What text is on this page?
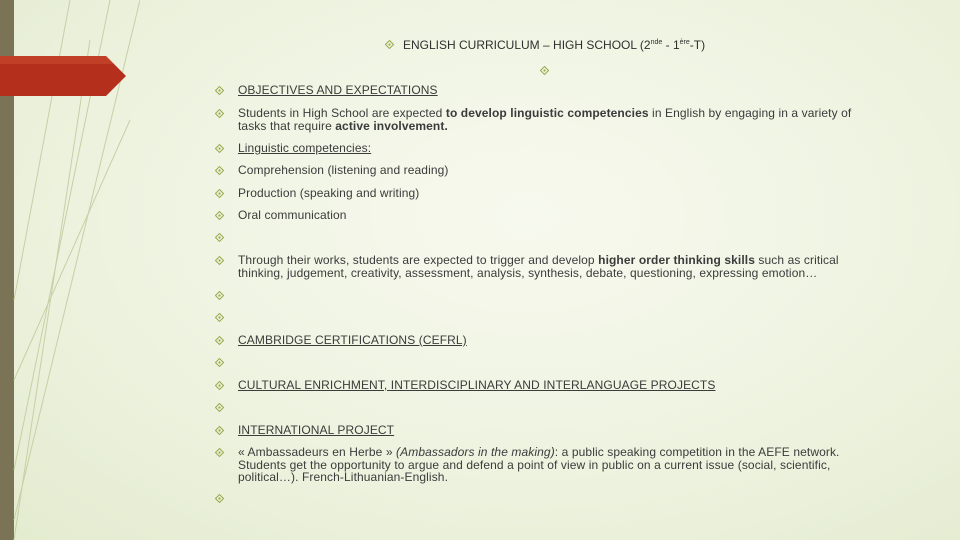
ENGLISH CURRICULUM – HIGH SCHOOL (2nde - 1ère-T)
OBJECTIVES AND EXPECTATIONS
Students in High School are expected to develop linguistic competencies in English by engaging in a variety of
tasks that require active involvement.
Linguistic competencies:
Comprehension (listening and reading)
Production (speaking and writing)
Oral communication
Through their works, students are expected to trigger and develop higher order thinking skills such as critical
thinking, judgement, creativity, assessment, analysis, synthesis, debate, questioning, expressing emotion…
CAMBRIDGE CERTIFICATIONS (CEFRL)
CULTURAL ENRICHMENT, INTERDISCIPLINARY AND INTERLANGUAGE PROJECTS
INTERNATIONAL PROJECT
« Ambassadeurs en Herbe » (Ambassadors in the making): a public speaking competition in the AEFE network.
Students get the opportunity to argue and defend a point of view in public on a current issue (social, scientific,
political…). French-Lithuanian-English.
